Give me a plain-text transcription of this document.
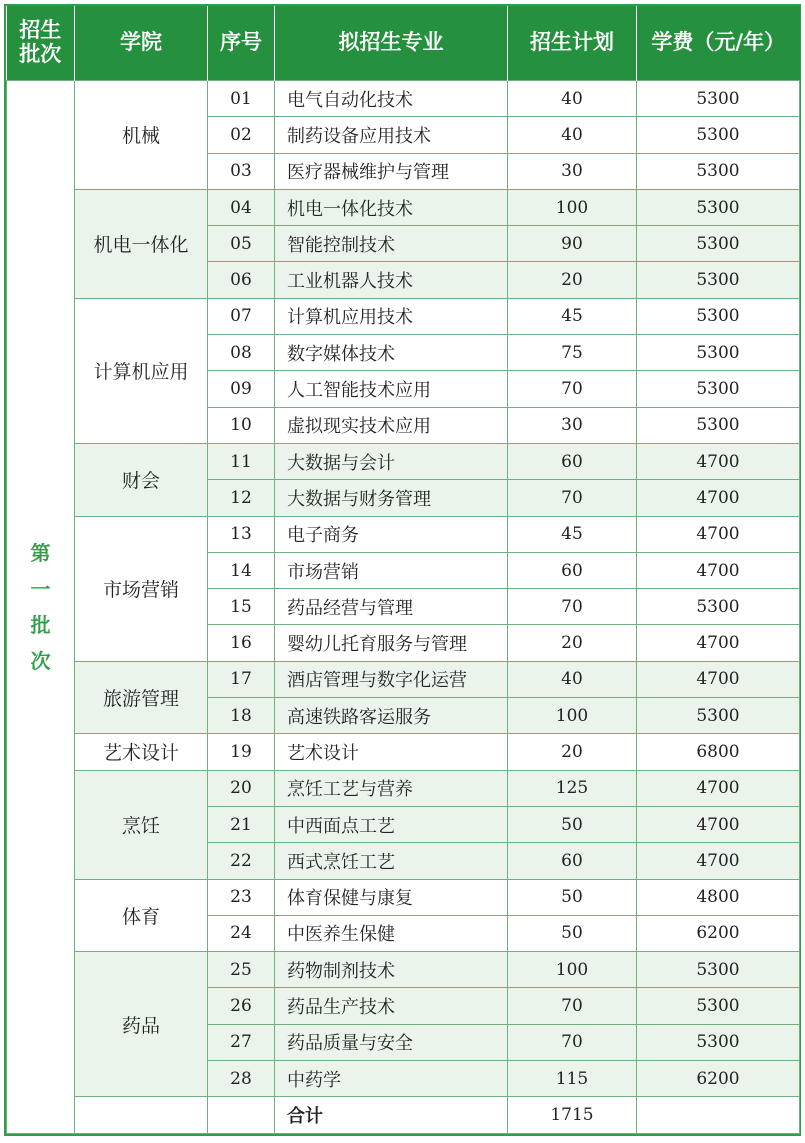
招生
批次	学院	序号	拟招生专业	招生计划	学费（元/年）
第
一
批
次	机械	01	电气自动化技术	40	5300
		02	制药设备应用技术	40	5300
		03	医疗器械维护与管理	30	5300
	机电一体化	04	机电一体化技术	100	5300
		05	智能控制技术	90	5300
		06	工业机器人技术	20	5300
	计算机应用	07	计算机应用技术	45	5300
		08	数字媒体技术	75	5300
		09	人工智能技术应用	70	5300
		10	虚拟现实技术应用	30	5300
	财会	11	大数据与会计	60	4700
		12	大数据与财务管理	70	4700
	市场营销	13	电子商务	45	4700
		14	市场营销	60	4700
		15	药品经营与管理	70	5300
		16	婴幼儿托育服务与管理	20	4700
	旅游管理	17	酒店管理与数字化运营	40	4700
		18	高速铁路客运服务	100	5300
	艺术设计	19	艺术设计	20	6800
	烹饪	20	烹饪工艺与营养	125	4700
		21	中西面点工艺	50	4700
		22	西式烹饪工艺	60	4700
	体育	23	体育保健与康复	50	4800
		24	中医养生保健	50	6200
	药品	25	药物制剂技术	100	5300
		26	药品生产技术	70	5300
		27	药品质量与安全	70	5300
		28	中药学	115	6200
			合计	1715	
